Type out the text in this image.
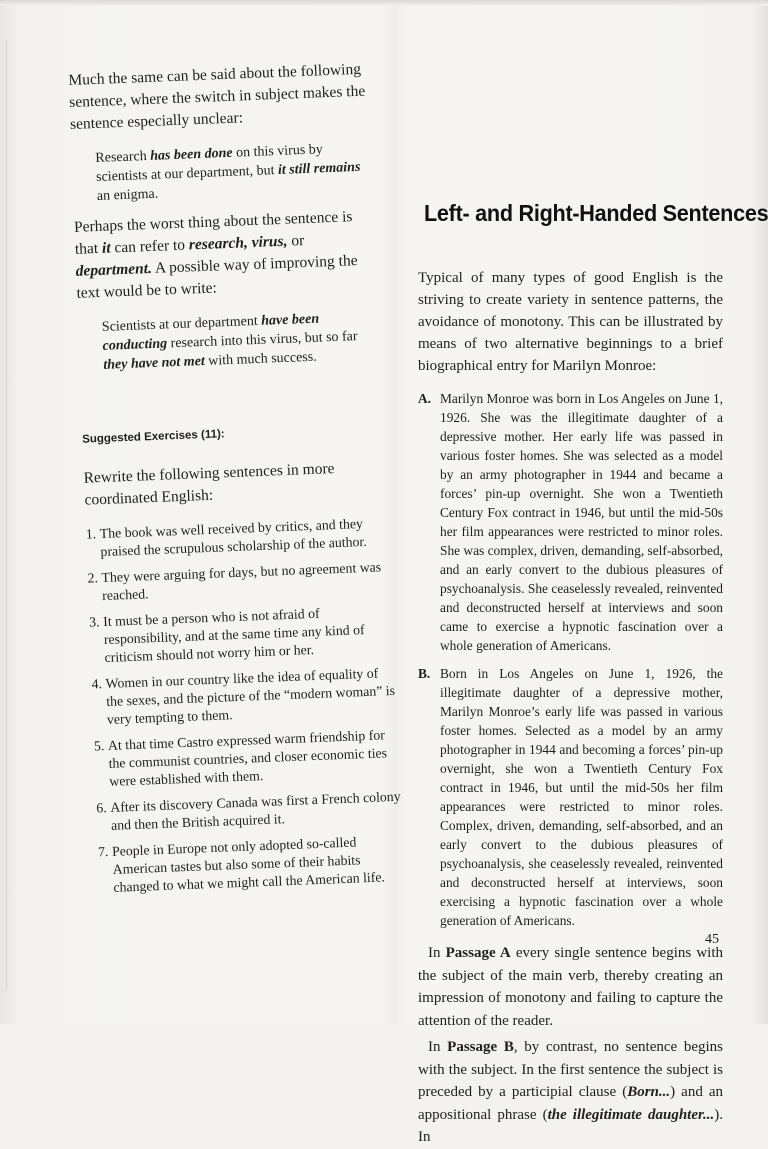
Much the same can be said about the following sentence, where the switch in subject makes the sentence especially unclear:

Research has been done on this virus by scientists at our department, but it still remains an enigma.

Perhaps the worst thing about the sentence is that it can refer to research, virus, or department. A possible way of improving the text would be to write:

Scientists at our department have been conducting research into this virus, but so far they have not met with much success.

Suggested Exercises (11):

Rewrite the following sentences in more coordinated English:

1. The book was well received by critics, and they praised the scrupulous scholarship of the author.
2. They were arguing for days, but no agreement was reached.
3. It must be a person who is not afraid of responsibility, and at the same time any kind of criticism should not worry him or her.
4. Women in our country like the idea of equality of the sexes, and the picture of the “modern woman” is very tempting to them.
5. At that time Castro expressed warm friendship for the communist countries, and closer economic ties were established with them.
6. After its discovery Canada was first a French colony and then the British acquired it.
7. People in Europe not only adopted so-called American tastes but also some of their habits changed to what we might call the American life.
Left- and Right-Handed Sentences

Typical of many types of good English is the striving to create variety in sentence patterns, the avoidance of monotony. This can be illustrated by means of two alternative beginnings to a brief biographical entry for Marilyn Monroe:

A. Marilyn Monroe was born in Los Angeles on June 1, 1926. She was the illegitimate daughter of a depressive mother. Her early life was passed in various foster homes. She was selected as a model by an army photographer in 1944 and became a forces’ pin-up overnight. She won a Twentieth Century Fox contract in 1946, but until the mid-50s her film appearances were restricted to minor roles. She was complex, driven, demanding, self-absorbed, and an early convert to the dubious pleasures of psychoanalysis. She ceaselessly revealed, reinvented and deconstructed herself at interviews and soon came to exercise a hypnotic fascination over a whole generation of Americans.
B. Born in Los Angeles on June 1, 1926, the illegitimate daughter of a depressive mother, Marilyn Monroe’s early life was passed in various foster homes. Selected as a model by an army photographer in 1944 and becoming a forces’ pin-up overnight, she won a Twentieth Century Fox contract in 1946, but until the mid-50s her film appearances were restricted to minor roles. Complex, driven, demanding, self-absorbed, and an early convert to the dubious pleasures of psychoanalysis, she ceaselessly revealed, reinvented and deconstructed herself at interviews, soon exercising a hypnotic fascination over a whole generation of Americans.

In Passage A every single sentence begins with the subject of the main verb, thereby creating an impression of monotony and failing to capture the attention of the reader.

In Passage B, by contrast, no sentence begins with the subject. In the first sentence the subject is preceded by a participial clause (Born...) and an appositional phrase (the illegitimate daughter...). In

45
